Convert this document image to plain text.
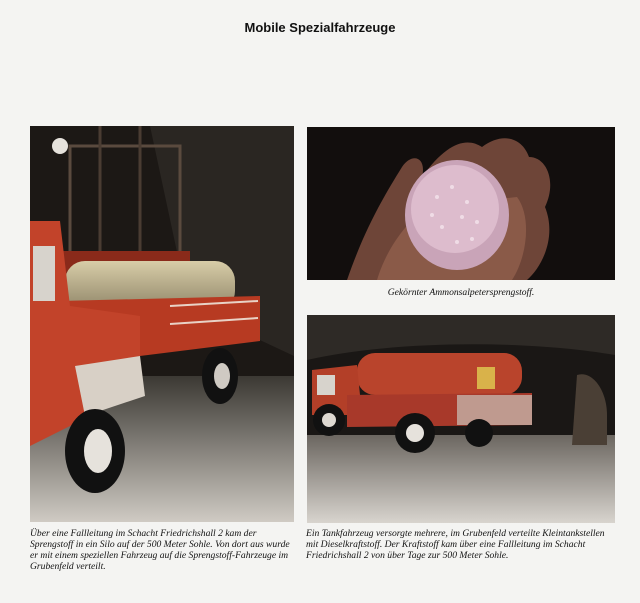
Mobile Spezialfahrzeuge
Gekörnter Ammonsalpetersprengstoff.
Über eine Fallleitung im Schacht Friedrichshall 2 kam der Sprengstoff in ein Silo auf der 500 Meter Sohle. Von dort aus wurde er mit einem speziellen Fahrzeug auf die Sprengstoff-Fahrzeuge im Grubenfeld verteilt.
Ein Tankfahrzeug versorgte mehrere, im Grubenfeld verteilte Kleintankstellen mit Dieselkraftstoff. Der Kraftstoff kam über eine Fallleitung im Schacht Friedrichshall 2 von über Tage zur 500 Meter Sohle.
